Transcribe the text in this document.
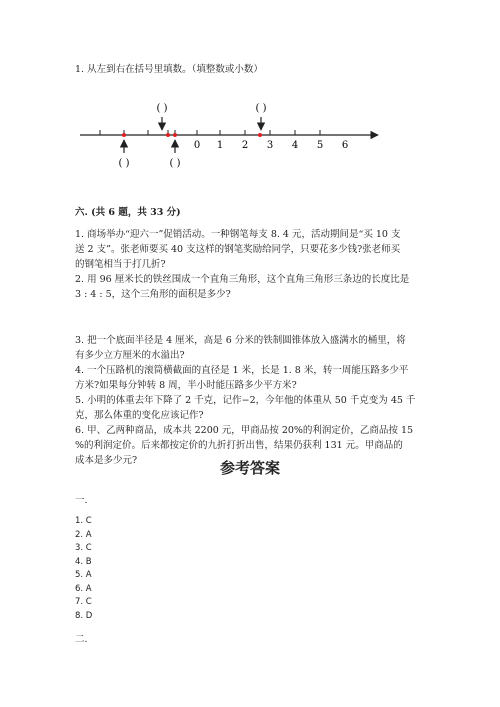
1. 从左到右在括号里填数。（填整数或小数）
0 1 2 3 4 5 6
( )	( )
( )	( )
六. (共 6 题，共 33 分)
1. 商场举办“迎六一”促销活动。一种钢笔每支 8. 4 元，活动期间是“买 10 支
送 2 支”。张老师要买 40 支这样的钢笔奖励给同学，只要花多少钱?张老师买
的钢笔相当于打几折?
2. 用 96 厘米长的铁丝围成一个直角三角形，这个直角三角形三条边的长度比是
3 : 4 : 5，这个三角形的面积是多少?
3. 把一个底面半径是 4 厘米，高是 6 分米的铁制圆锥体放入盛满水的桶里，将
有多少立方厘米的水溢出?
4. 一个压路机的滚筒横截面的直径是 1 米，长是 1. 8 米，转一周能压路多少平
方米?如果每分钟转 8 周，半小时能压路多少平方米?
5. 小明的体重去年下降了 2 千克，记作−2，今年他的体重从 50 千克变为 45 千
克，那么体重的变化应该记作?
6. 甲、乙两种商品，成本共 2200 元，甲商品按 20%的利润定价，乙商品按 15
%的利润定价。后来都按定价的九折打折出售，结果仍获利 131 元。甲商品的
成本是多少元?	参考答案
一.
1. C
2. A
3. C
4. B
5. A
6. A
7. C
8. D
二.
